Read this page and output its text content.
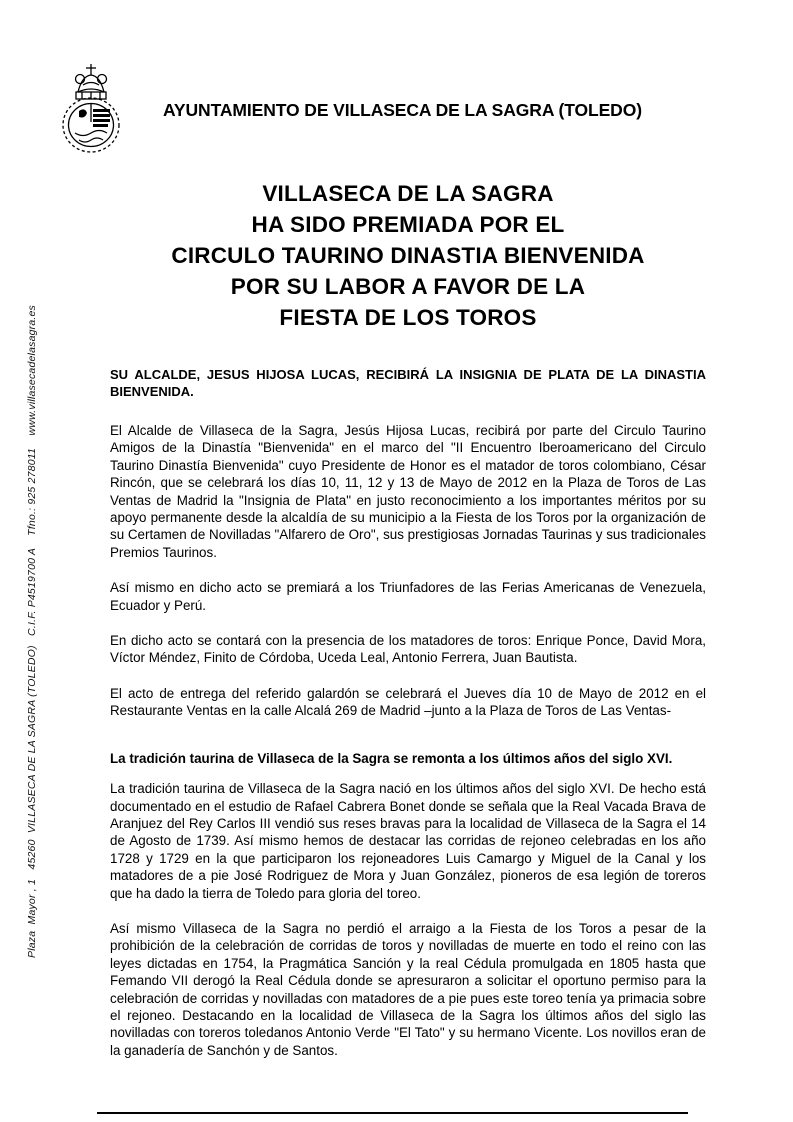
AYUNTAMIENTO DE VILLASECA DE LA SAGRA (TOLEDO)
Plaza  Mayor , 1   45260  VILLASECA DE LA SAGRA (TOLEDO)   C.I.F. P4519700 A    Tfno.: 925 278011    www.villasecadelasagra.es
VILLASECA DE LA SAGRA
HA SIDO PREMIADA POR EL
CIRCULO TAURINO DINASTIA BIENVENIDA
POR SU LABOR A FAVOR DE LA
FIESTA DE LOS TOROS

SU ALCALDE, JESUS HIJOSA LUCAS, RECIBIRÁ LA INSIGNIA DE PLATA DE LA DINASTIA BIENVENIDA.

El Alcalde de Villaseca de la Sagra, Jesús Hijosa Lucas, recibirá por parte del Circulo Taurino Amigos de la Dinastía "Bienvenida" en el marco del "II Encuentro Iberoamericano del Circulo Taurino Dinastía Bienvenida" cuyo Presidente de Honor es el matador de toros colombiano, César Rincón, que se celebrará los días 10, 11, 12 y 13 de Mayo de 2012 en la Plaza de Toros de Las Ventas de Madrid la "Insignia de Plata" en justo reconocimiento a los importantes méritos por su apoyo permanente desde la alcaldía de su municipio a la Fiesta de los Toros por la organización de su Certamen de Novilladas "Alfarero de Oro", sus prestigiosas Jornadas Taurinas y sus tradicionales Premios Taurinos.

Así mismo en dicho acto se premiará a los Triunfadores de las Ferias Americanas de Venezuela, Ecuador y Perú.

En dicho acto se contará con la presencia de los matadores de toros: Enrique Ponce, David Mora, Víctor Méndez, Finito de Córdoba, Uceda Leal, Antonio Ferrera, Juan Bautista.

El acto de entrega del referido galardón se celebrará el Jueves día 10 de Mayo de 2012 en el Restaurante Ventas en la calle Alcalá 269 de Madrid –junto a la Plaza de Toros de Las Ventas-

La tradición taurina de Villaseca de la Sagra se remonta a los últimos años del siglo XVI.

La tradición taurina de Villaseca de la Sagra nació en los últimos años del siglo XVI. De hecho está documentado en el estudio de Rafael Cabrera Bonet donde se señala que la Real Vacada Brava de Aranjuez del Rey Carlos III vendió sus reses bravas para la localidad de Villaseca de la Sagra el 14 de Agosto de 1739. Así mismo hemos de destacar las corridas de rejoneo celebradas en los año 1728 y 1729 en la que participaron los rejoneadores Luis Camargo y Miguel de la Canal y los matadores de a pie José Rodriguez de Mora y Juan González, pioneros de esa legión de toreros que ha dado la tierra de Toledo para gloria del toreo.

Así mismo Villaseca de la Sagra no perdió el arraigo a la Fiesta de los Toros a pesar de la prohibición de la celebración de corridas de toros y novilladas de muerte en todo el reino con las leyes dictadas en 1754, la Pragmática Sanción y la real Cédula promulgada en 1805 hasta que Femando VII derogó la Real Cédula donde se apresuraron a solicitar el oportuno permiso para la celebración de corridas y novilladas con matadores de a pie pues este toreo tenía ya primacia sobre el rejoneo. Destacando en la localidad de Villaseca de la Sagra los últimos años del siglo las novilladas con toreros toledanos Antonio Verde "El Tato" y su hermano Vicente. Los novillos eran de la ganadería de Sanchón y de Santos.
